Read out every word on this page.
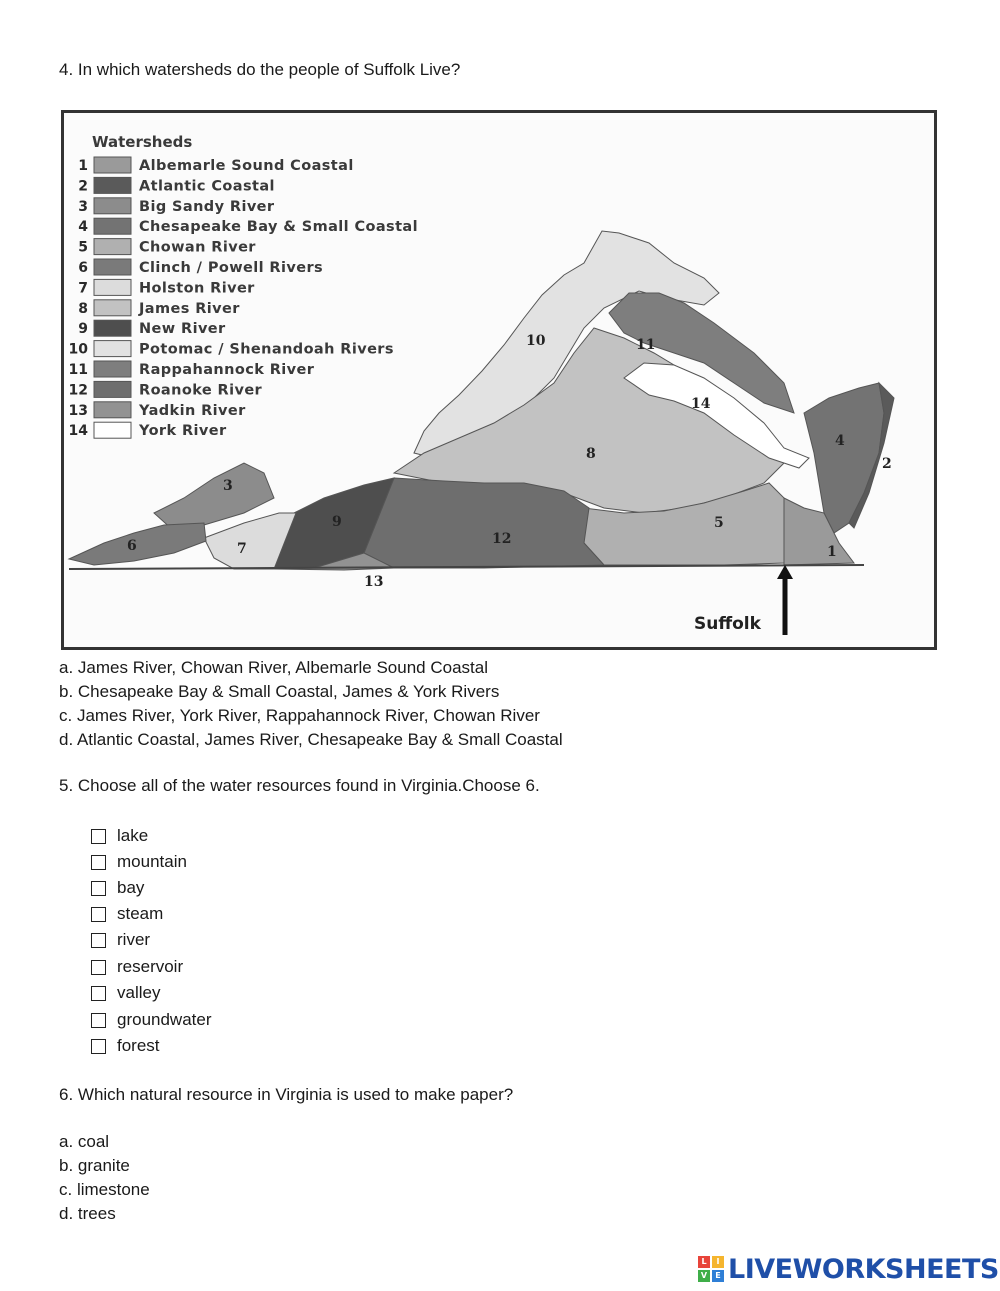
4. In which watersheds do the people of Suffolk Live?
Watersheds
1	Albemarle Sound Coastal
2	Atlantic Coastal
3	Big Sandy River
4	Chesapeake Bay & Small Coastal
5	Chowan River
6	Clinch / Powell Rivers
7	Holston River
8	James River
9	New River
10	Potomac / Shenandoah Rivers
11	Rappahannock River
12	Roanoke River
13	Yadkin River
14	York River
10	11
14
4
2
8
5
1
12
9
7
3
6
13
Suffolk
a. James River, Chowan River, Albemarle Sound Coastal
b. Chesapeake Bay & Small Coastal, James & York Rivers
c. James River, York River, Rappahannock River, Chowan River
d. Atlantic Coastal, James River, Chesapeake Bay & Small Coastal
5. Choose all of the water resources found in Virginia.Choose 6.
lake
mountain
bay
steam
river
reservoir
valley
groundwater
forest
6. Which natural resource in Virginia is used to make paper?
a. coal
b. granite
c. limestone
d. trees
L	I
V	E LIVEWORKSHEETS
